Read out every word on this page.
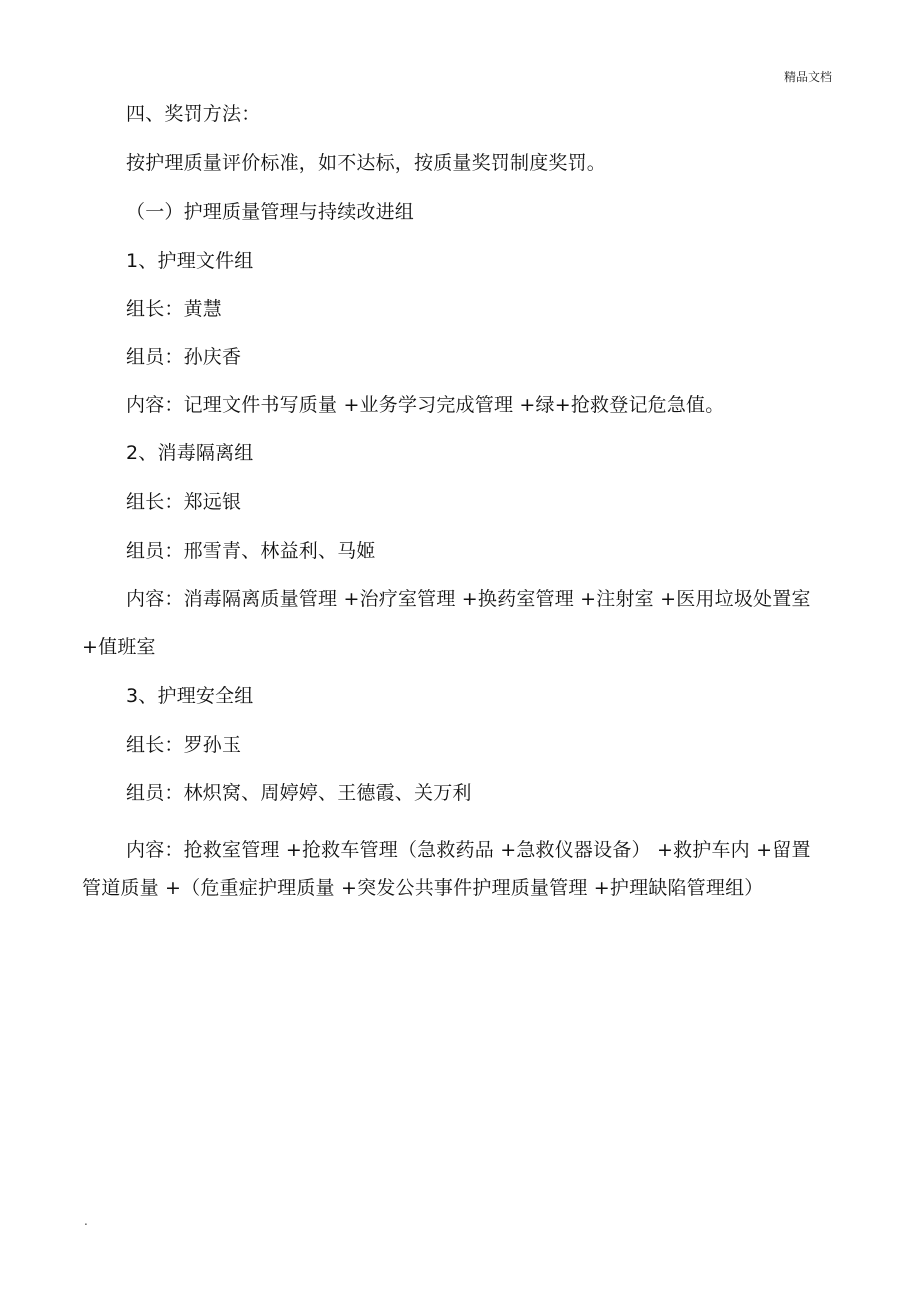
精品文档
四、奖罚方法：
按护理质量评价标准，如不达标，按质量奖罚制度奖罚。
（一）护理质量管理与持续改进组
1、护理文件组
组长：黄慧
组员：孙庆香
内容：记理文件书写质量 +业务学习完成管理 +绿+抢救登记危急值。
2、消毒隔离组
组长：郑远银
组员：邢雪青、林益利、马姬
内容：消毒隔离质量管理 +治疗室管理 +换药室管理 +注射室 +医用垃圾处置室
+值班室
3、护理安全组
组长：罗孙玉
组员：林炽窝、周婷婷、王德霞、关万利
内容：抢救室管理 +抢救车管理（急救药品 +急救仪器设备） +救护车内 +留置
管道质量 +（危重症护理质量 +突发公共事件护理质量管理 +护理缺陷管理组）
.
